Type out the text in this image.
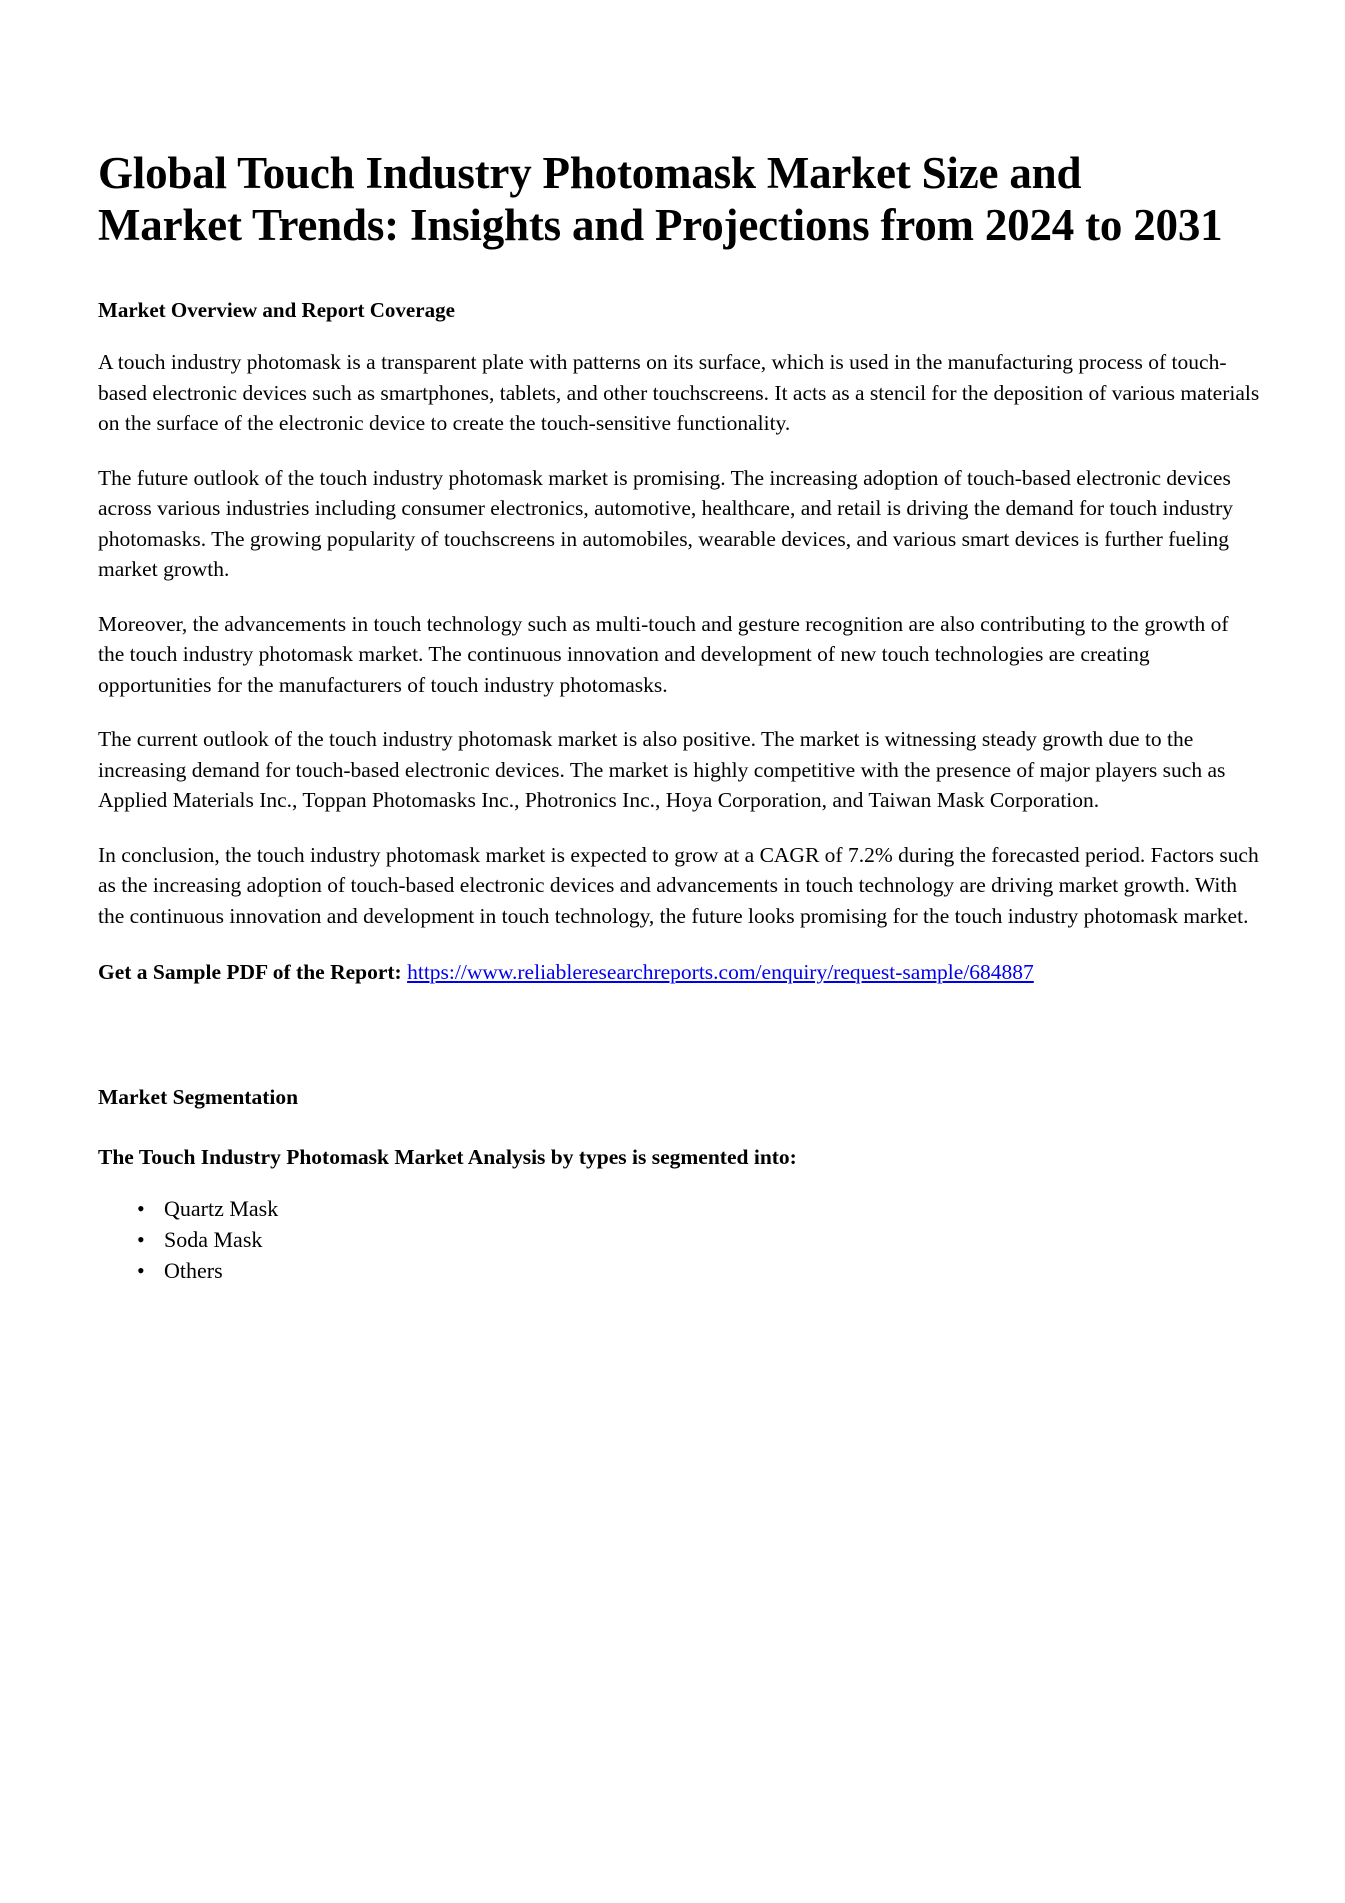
Global Touch Industry Photomask Market Size and Market Trends: Insights and Projections from 2024 to 2031
Market Overview and Report Coverage

A touch industry photomask is a transparent plate with patterns on its surface, which is used in the manufacturing process of touch-based electronic devices such as smartphones, tablets, and other touchscreens. It acts as a stencil for the deposition of various materials on the surface of the electronic device to create the touch-sensitive functionality.

The future outlook of the touch industry photomask market is promising. The increasing adoption of touch-based electronic devices across various industries including consumer electronics, automotive, healthcare, and retail is driving the demand for touch industry photomasks. The growing popularity of touchscreens in automobiles, wearable devices, and various smart devices is further fueling market growth.

Moreover, the advancements in touch technology such as multi-touch and gesture recognition are also contributing to the growth of the touch industry photomask market. The continuous innovation and development of new touch technologies are creating opportunities for the manufacturers of touch industry photomasks.

The current outlook of the touch industry photomask market is also positive. The market is witnessing steady growth due to the increasing demand for touch-based electronic devices. The market is highly competitive with the presence of major players such as Applied Materials Inc., Toppan Photomasks Inc., Photronics Inc., Hoya Corporation, and Taiwan Mask Corporation.

In conclusion, the touch industry photomask market is expected to grow at a CAGR of 7.2% during the forecasted period. Factors such as the increasing adoption of touch-based electronic devices and advancements in touch technology are driving market growth. With the continuous innovation and development in touch technology, the future looks promising for the touch industry photomask market.

Get a Sample PDF of the Report: https://www.reliableresearchreports.com/enquiry/request-sample/684887

Market Segmentation
The Touch Industry Photomask Market Analysis by types is segmented into:
• Quartz Mask
• Soda Mask
• Others
